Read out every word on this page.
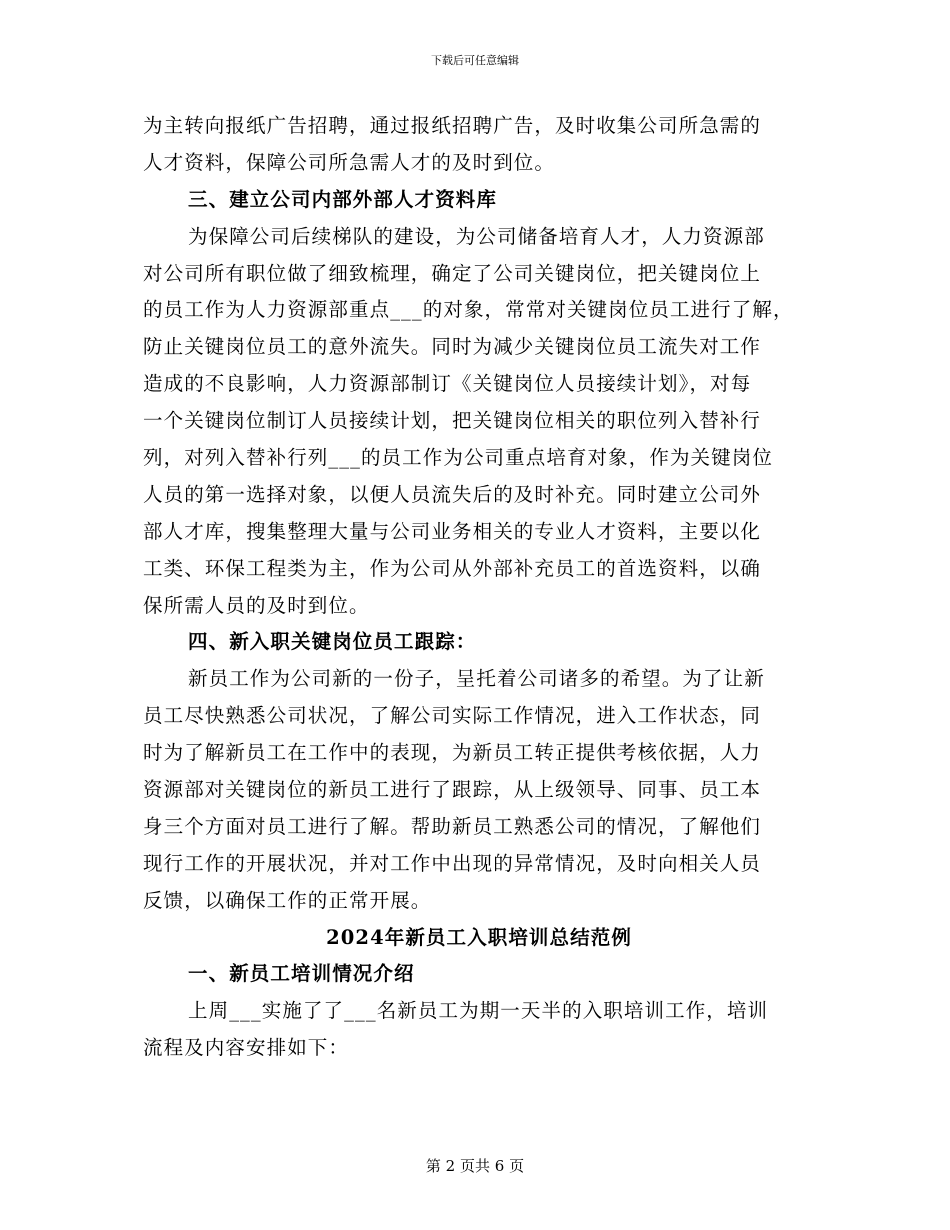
下载后可任意编辑
为主转向报纸广告招聘，通过报纸招聘广告，及时收集公司所急需的
人才资料，保障公司所急需人才的及时到位。
三、建立公司内部外部人才资料库
为保障公司后续梯队的建设，为公司储备培育人才，人力资源部
对公司所有职位做了细致梳理，确定了公司关键岗位，把关键岗位上
的员工作为人力资源部重点___的对象，常常对关键岗位员工进行了解，
防止关键岗位员工的意外流失。同时为减少关键岗位员工流失对工作
造成的不良影响，人力资源部制订《关键岗位人员接续计划》，对每
一个关键岗位制订人员接续计划，把关键岗位相关的职位列入替补行
列，对列入替补行列___的员工作为公司重点培育对象，作为关键岗位
人员的第一选择对象，以便人员流失后的及时补充。同时建立公司外
部人才库，搜集整理大量与公司业务相关的专业人才资料，主要以化
工类、环保工程类为主，作为公司从外部补充员工的首选资料，以确
保所需人员的及时到位。
四、新入职关键岗位员工跟踪：
新员工作为公司新的一份子，呈托着公司诸多的希望。为了让新
员工尽快熟悉公司状况，了解公司实际工作情况，进入工作状态，同
时为了解新员工在工作中的表现，为新员工转正提供考核依据，人力
资源部对关键岗位的新员工进行了跟踪，从上级领导、同事、员工本
身三个方面对员工进行了解。帮助新员工熟悉公司的情况，了解他们
现行工作的开展状况，并对工作中出现的异常情况，及时向相关人员
反馈，以确保工作的正常开展。
2024年新员工入职培训总结范例
一、新员工培训情况介绍
上周___实施了了___名新员工为期一天半的入职培训工作，培训
流程及内容安排如下：
第 2 页共 6 页
